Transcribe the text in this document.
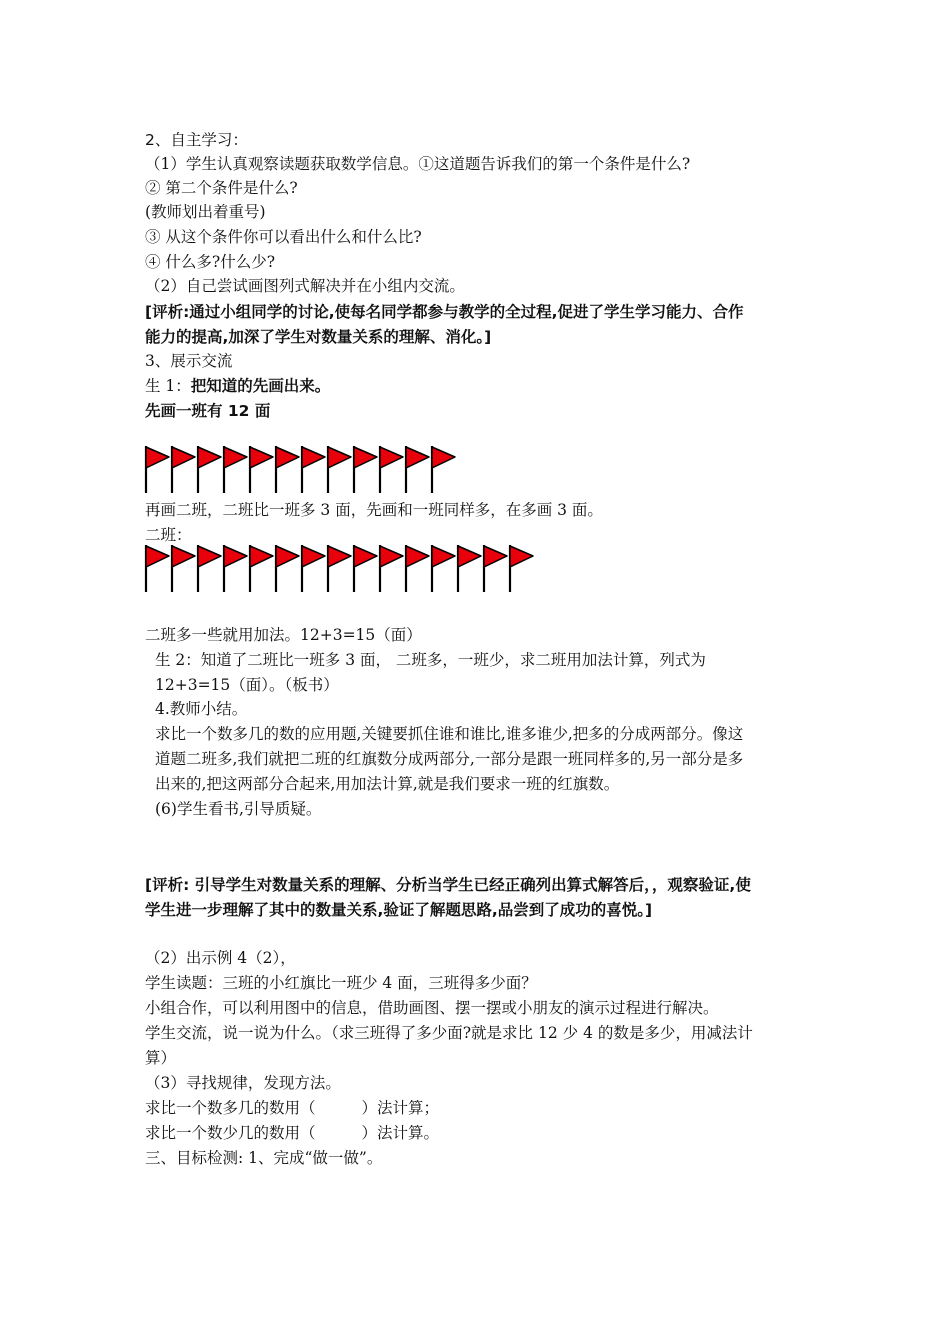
2、自主学习：
（1）学生认真观察读题获取数学信息。①这道题告诉我们的第一个条件是什么?
② 第二个条件是什么?
(教师划出着重号)
③ 从这个条件你可以看出什么和什么比?
④ 什么多?什么少?
（2）自己尝试画图列式解决并在小组内交流。
[评析:通过小组同学的讨论,使每名同学都参与教学的全过程,促进了学生学习能力、合作
能力的提高,加深了学生对数量关系的理解、消化。]
3、展示交流
生 1：把知道的先画出来。
先画一班有 12 面
再画二班，二班比一班多 3 面，先画和一班同样多，在多画 3 面。
二班：
二班多一些就用加法。12+3=15（面）
生 2：知道了二班比一班多 3 面， 二班多，一班少，求二班用加法计算，列式为
12+3=15（面）。（板书）
4.教师小结。
求比一个数多几的数的应用题,关键要抓住谁和谁比,谁多谁少,把多的分成两部分。像这
道题二班多,我们就把二班的红旗数分成两部分,一部分是跟一班同样多的,另一部分是多
出来的,把这两部分合起来,用加法计算,就是我们要求一班的红旗数。
(6)学生看书,引导质疑。
[评析: 引导学生对数量关系的理解、分析当学生已经正确列出算式解答后，，观察验证,使
学生进一步理解了其中的数量关系,验证了解题思路,品尝到了成功的喜悦。]
（2）出示例 4（2），
学生读题：三班的小红旗比一班少 4 面，三班得多少面？
小组合作，可以利用图中的信息，借助画图、摆一摆或小朋友的演示过程进行解决。
学生交流，说一说为什么。（求三班得了多少面?就是求比 12 少 4 的数是多少，用减法计
算）
（3）寻找规律，发现方法。
求比一个数多几的数用（	）法计算；
求比一个数少几的数用（	）法计算。
三、目标检测: 1、完成“做一做”。
